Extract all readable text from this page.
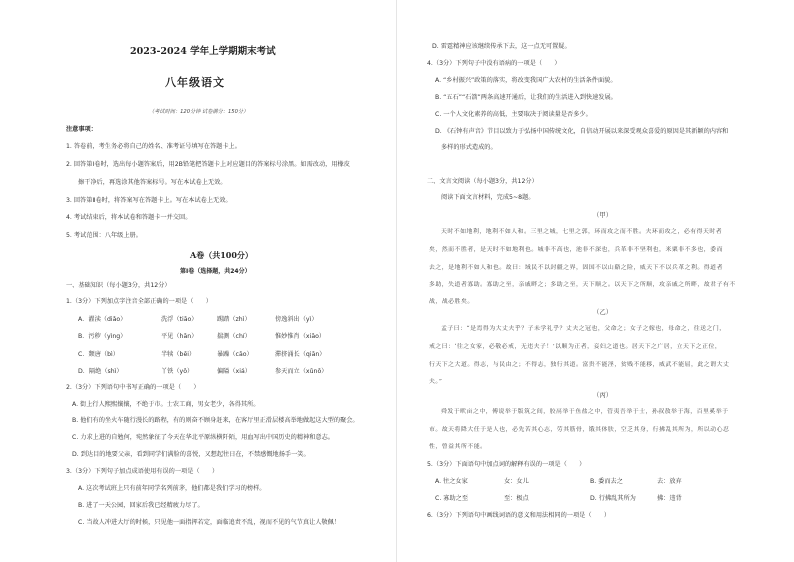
2023-2024 学年上学期期末考试
八年级语文
（考试时间：120分钟 试卷满分：150分）
注意事项：
1. 答卷前，考生务必将自己的姓名、准考证号填写在答题卡上。
2. 回答第Ⅰ卷时，选出每小题答案后，用2B铅笔把答题卡上对应题目的答案标号涂黑。如需改动，用橡皮
擦干净后，再选涂其他答案标号。写在本试卷上无效。
3. 回答第Ⅱ卷时，将答案写在答题卡上。写在本试卷上无效。
4. 考试结束后，将本试卷和答题卡一并交回。
5. 考试范围：八年级上册。
A卷（共100分）
第Ⅰ卷（选择题，共24分）
一、基础知识（每小题3分，共12分）
1.（3分）下列加点字注音全部正确的一项是（　　）
A．濯渎（diǎo）	洗浮（tiāo）	踢踏（zhì）	傍逸斜出（yì）
B．污秽（yìng）	平见（hān）	揣测（chí）	惟妙惟肖（xiāo）
C．颓唐（bì）	半犊（bēi）	暴躁（cāo）	滞挤涌长（qiān）
D．隔绝（shì）	丫铁（yǒ）	偏隘（xiá）	参天而立（xǔnō）
2.（3分）下列语句中书写正确的一项是（　　）
A. 街上行人熙熙攘攘，不绝于市。士农工商，男女老少，各得其所。
B. 他们有的坐火车随行漫长的路程，有的则奋不顾身赶来，在客厅里正滑层楼高举地做起这大型的聚会。
C. 力求上进的自勉何，宛然象征了今天在华北平原纵横阡陌，用血写出中国历史的精神和意志。
D. 到达目的地要父亲，看到同学们满脸的喜悦，又想起往日在，不禁感慨地扬手一笑。
3.（3分）下列句子加点成语使用有误的一项是（　　）
A. 这次考试班上只有前年同学名列前茅，他们都是我们学习的榜样。
B. 进了一天公园，回家后我已经精疲力尽了。
C. 当故人冲进大厅的时候，只见他一面指挥若定，面临追责不乱，视而不见的气节真让人敬佩！
D. 雷霆精神应该继续传承下去，这一点无可置疑。
4.（3分）下列句子中没有语病的一项是（　　）
A. “乡村振兴”政策的落实，将改变我国广大农村的生活条件面貌。
B. “五石”“石箭”两条高速开通后，让我们的生活进入到快速发展。
C. 一个人文化素养的高低，主要取决于阅读量是否多少。
D. 《石钟有声音》节目以致力于弘扬中国传统文化，自信动开展以来深受观众喜爱的原因是其新颖的内容和
多样的形式造成的。
二、文言文阅读（每小题3分，共12分）
阅读下面文言材料，完成5~8题。
（甲）
天时不如地利，地利不如人和。三里之城，七里之郭，环而攻之而不胜。夫环而攻之，必有得天时者
矣，然而不胜者，是天时不如地利也。城非不高也，池非不深也，兵革非不坚利也，米粟非不多也，委而
去之，是地利不如人和也。故曰：域民不以封疆之界，固国不以山谿之险，威天下不以兵革之利。得道者
多助，失道者寡助。寡助之至，亲戚畔之；多助之至，天下顺之。以天下之所顺，攻亲戚之所畔，故君子有不
战，战必胜矣。
（乙）
孟子曰：“是焉得为大丈夫乎？子未学礼乎？丈夫之冠也，父命之；女子之嫁也，母命之，往送之门，
戒之曰：‘往之女家，必敬必戒，无违夫子！’以顺为正者，妾妇之道也。居天下之广居，立天下之正位，
行天下之大道。得志，与民由之；不得志，独行其道。富贵不能淫，贫贱不能移，威武不能屈，此之谓大丈
夫。”
（丙）
舜发于畎亩之中，傅说举于版筑之间，胶鬲举于鱼盐之中，管夷吾举于士，孙叔敖举于海，百里奚举于
市。故天将降大任于是人也，必先苦其心志，劳其筋骨，饿其体肤，空乏其身，行拂乱其所为，所以动心忍
性，曾益其所不能。
5.（3分）下面语句中加点词的解释有误的一项是（　　）
A. 往之女家	女：女儿	B. 委而去之	去：放弃
C. 寡助之至	至：极点	D. 行拂乱其所为	拂：违背
6.（3分）下列语句中画线词语的意义和用法相同的一项是（　　）
